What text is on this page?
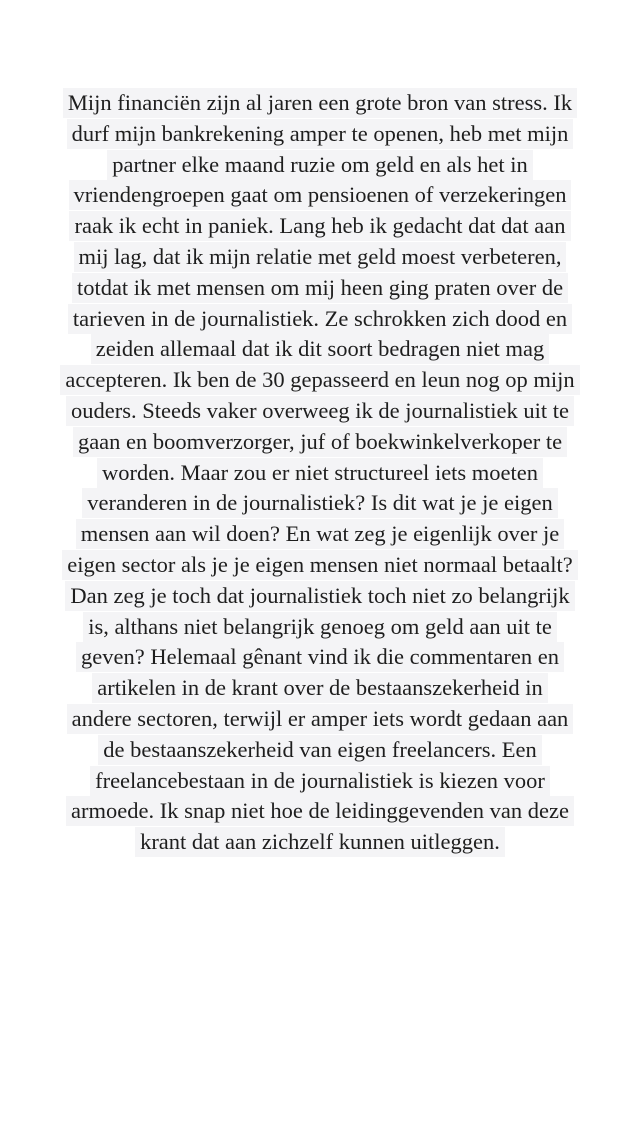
Mijn financiën zijn al jaren een grote bron van stress. Ik
durf mijn bankrekening amper te openen, heb met mijn
partner elke maand ruzie om geld en als het in
vriendengroepen gaat om pensioenen of verzekeringen
raak ik echt in paniek. Lang heb ik gedacht dat dat aan
mij lag, dat ik mijn relatie met geld moest verbeteren,
totdat ik met mensen om mij heen ging praten over de
tarieven in de journalistiek. Ze schrokken zich dood en
zeiden allemaal dat ik dit soort bedragen niet mag
accepteren. Ik ben de 30 gepasseerd en leun nog op mijn
ouders. Steeds vaker overweeg ik de journalistiek uit te
gaan en boomverzorger, juf of boekwinkelverkoper te
worden. Maar zou er niet structureel iets moeten
veranderen in de journalistiek? Is dit wat je je eigen
mensen aan wil doen? En wat zeg je eigenlijk over je
eigen sector als je je eigen mensen niet normaal betaalt?
Dan zeg je toch dat journalistiek toch niet zo belangrijk
is, althans niet belangrijk genoeg om geld aan uit te
geven? Helemaal gênant vind ik die commentaren en
artikelen in de krant over de bestaanszekerheid in
andere sectoren, terwijl er amper iets wordt gedaan aan
de bestaanszekerheid van eigen freelancers. Een
freelancebestaan in de journalistiek is kiezen voor
armoede. Ik snap niet hoe de leidinggevenden van deze
krant dat aan zichzelf kunnen uitleggen.
